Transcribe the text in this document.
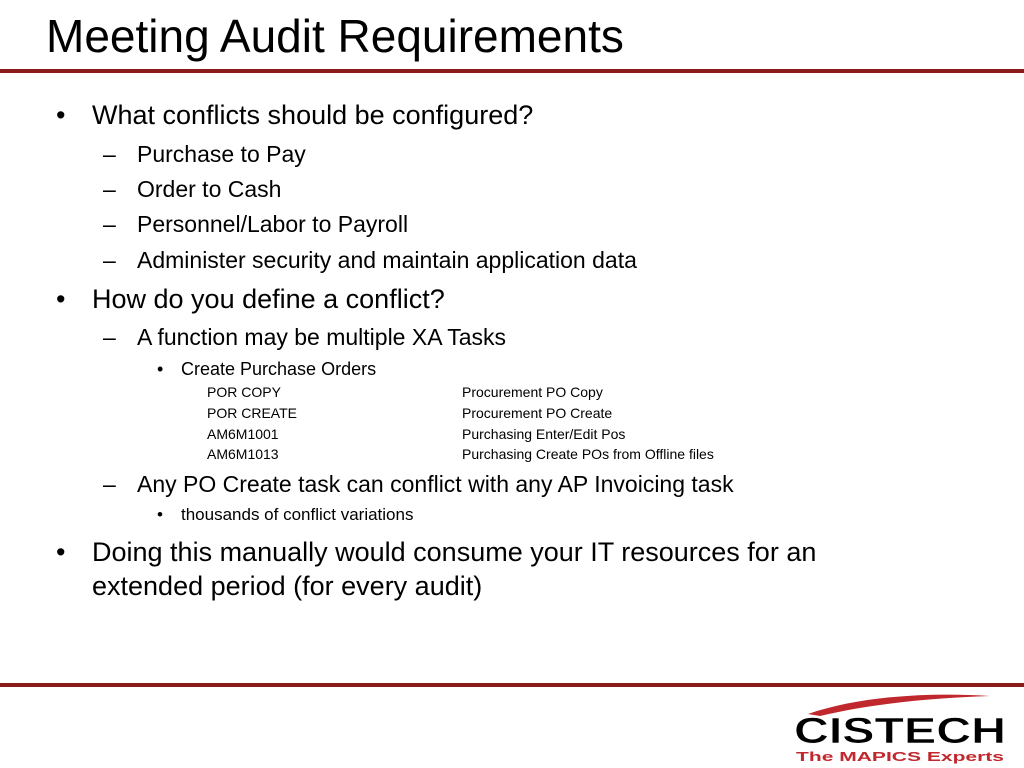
Meeting Audit Requirements
• What conflicts should be configured?
– Purchase to Pay
– Order to Cash
– Personnel/Labor to Payroll
– Administer security and maintain application data
• How do you define a conflict?
– A function may be multiple XA Tasks
• Create Purchase Orders
POR COPY	Procurement PO Copy
POR CREATE	Procurement PO Create
AM6M1001	Purchasing Enter/Edit Pos
AM6M1013	Purchasing Create POs from Offline files
– Any PO Create task can conflict with any AP Invoicing task
• thousands of conflict variations
• Doing this manually would consume your IT resources for an
extended period (for every audit)
CISTECH
The MAPICS Experts
